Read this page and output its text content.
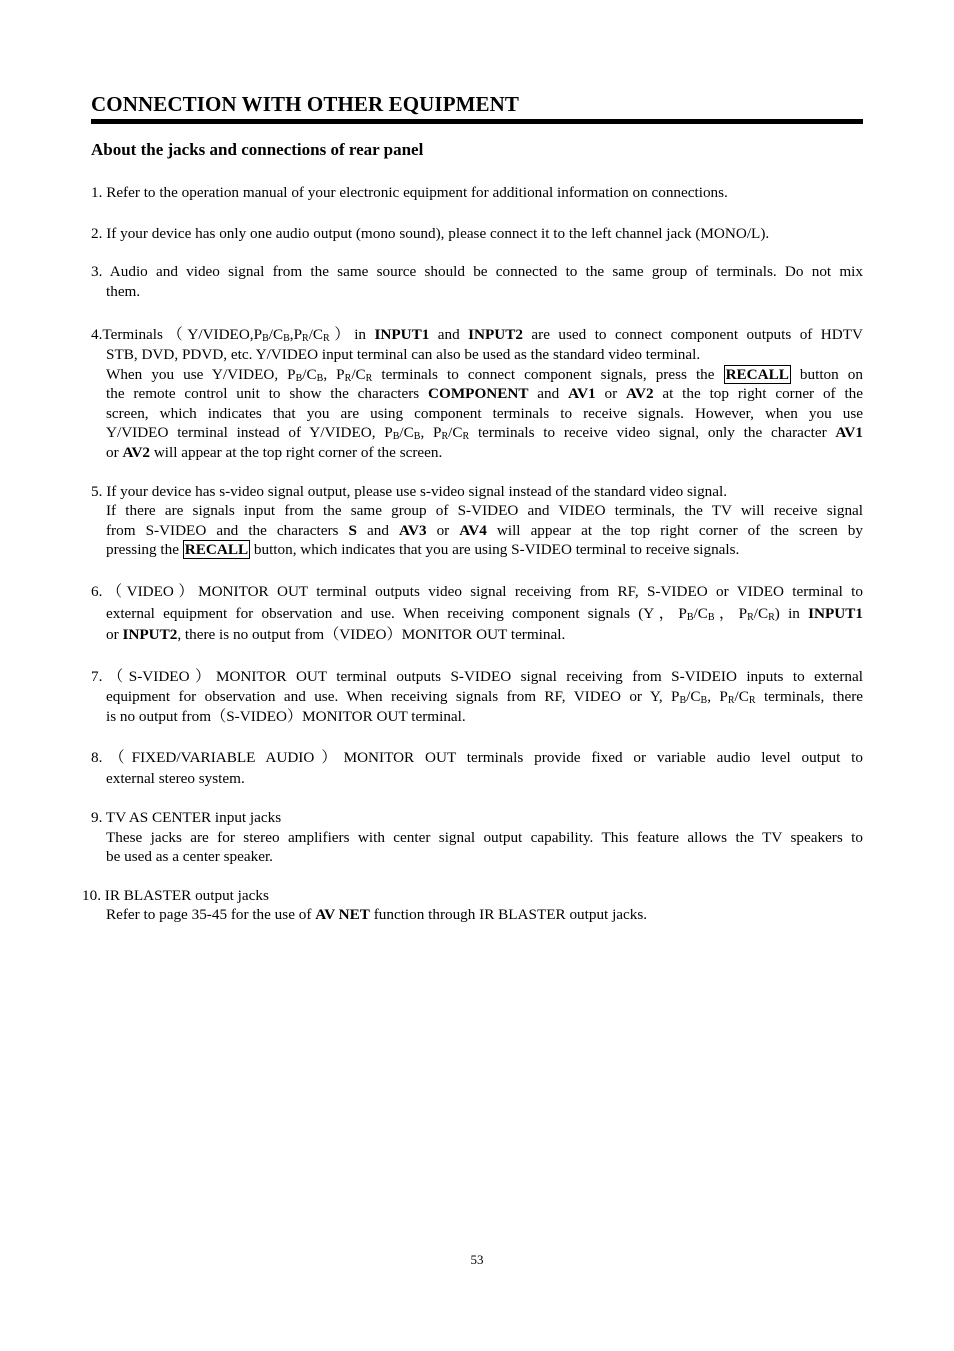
CONNECTION WITH OTHER EQUIPMENT
About the jacks and connections of rear panel

1. Refer to the operation manual of your electronic equipment for additional information on connections.

2. If your device has only one audio output (mono sound), please connect it to the left channel jack (MONO/L).

3. Audio and video signal from the same source should be connected to the same group of terminals. Do not mix
them.

$4.Terminals(Y/VIDEO,P_B/C_B,P_R/C_R)in$ INPUT1 and INPUT2 are used to connect component outputs of HDTV
STB, DVD, PDVD, etc. Y/VIDEO input terminal can also be used as the standard video terminal.
When you use Y/VIDEO, $P_B/C_B$, $P_R/C_R$ terminals to connect component signals, press the RECALL button on
the remote control unit to show the characters COMPONENT and AV1 or AV2 at the top right corner of the
screen, which indicates that you are using component terminals to receive signals. However, when you use
Y/VIDEO terminal instead of Y/VIDEO, $P_B/C_B$, $P_R/C_R$ terminals to receive video signal, only the character AV1
or AV2 will appear at the top right corner of the screen.
5. If your device has s-video signal output, please use s-video signal instead of the standard video signal.
If there are signals input from the same group of S-VIDEO and VIDEO terminals, the TV will receive signal
from S-VIDEO and the characters S and AV3 or AV4 will appear at the top right corner of the screen by
pressing the RECALL button, which indicates that you are using S-VIDEO terminal to receive signals.
6.（VIDEO）MONITOR OUT terminal outputs video signal receiving from RF, S-VIDEO or VIDEO terminal to
external equipment for observation and use. When receiving component signals (Y，$P_B/C_B$，$P_R/C_R$) in INPUT1
or INPUT2, there is no output from（VIDEO）MONITOR OUT terminal.
7.（S-VIDEO）MONITOR OUT terminal outputs S-VIDEO signal receiving from S-VIDEIO inputs to external
equipment for observation and use. When receiving signals from RF, VIDEO or Y, $P_B/C_B$, $P_R/C_R$ terminals, there
is no output from（S-VIDEO）MONITOR OUT terminal.
8.（FIXED/VARIABLE AUDIO）MONITOR OUT terminals provide fixed or variable audio level output to
external stereo system.
9. TV AS CENTER input jacks
These jacks are for stereo amplifiers with center signal output capability. This feature allows the TV speakers to
be used as a center speaker.
10. IR BLASTER output jacks
Refer to page 35-45 for the use of AV NET function through IR BLASTER output jacks.
53
